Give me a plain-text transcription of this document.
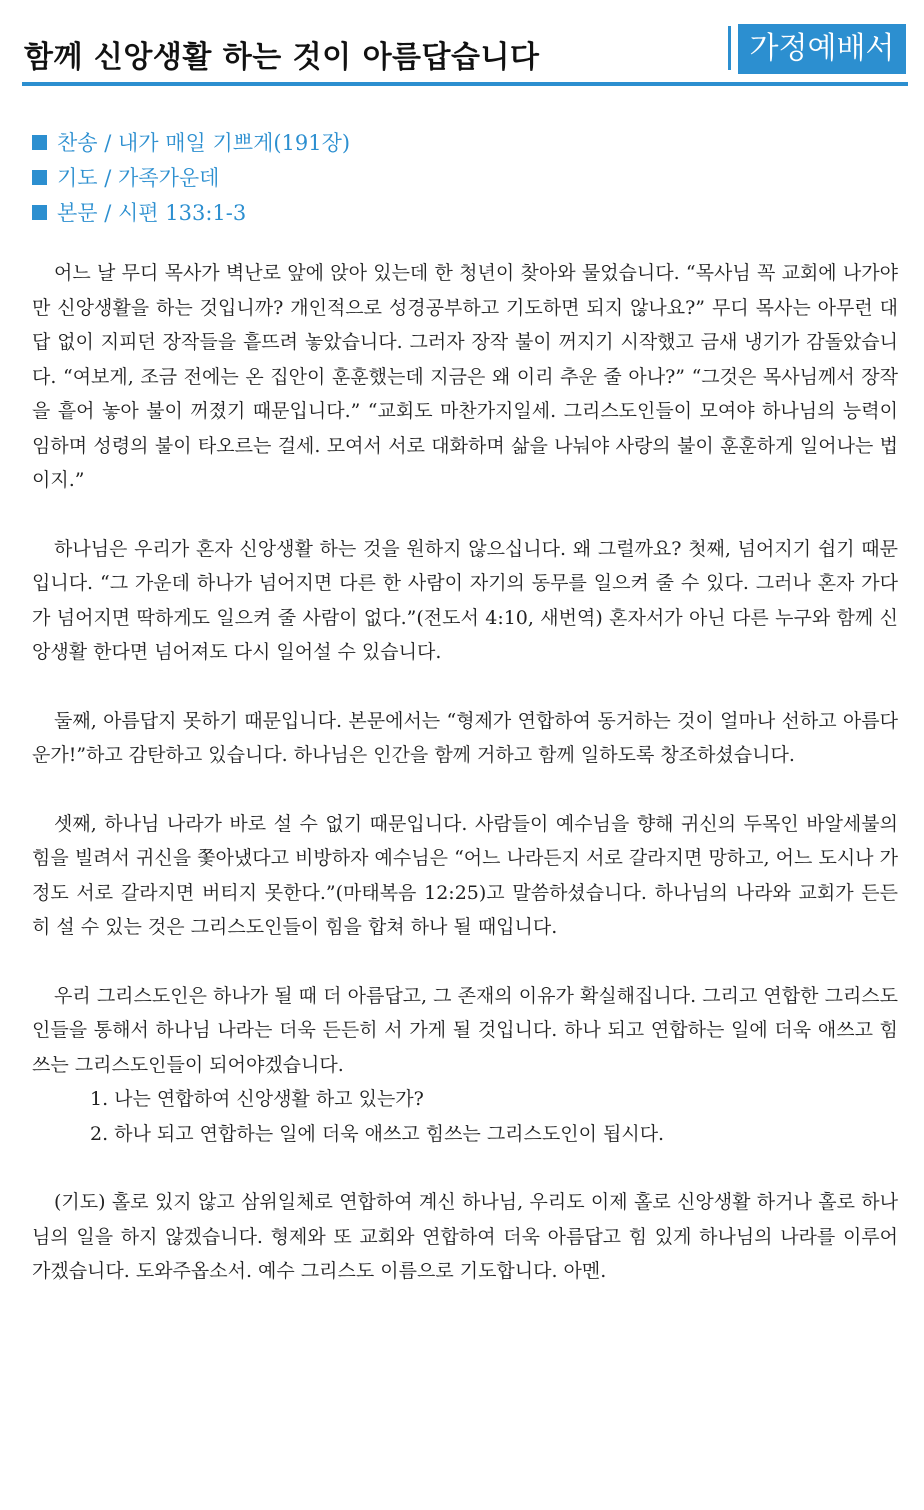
함께 신앙생활 하는 것이 아름답습니다	가정예배서
찬송 / 내가 매일 기쁘게(191장)
기도 / 가족가운데
본문 / 시편 133:1-3

어느 날 무디 목사가 벽난로 앞에 앉아 있는데 한 청년이 찾아와 물었습니다. “목사님 꼭 교회에 나가야만 신앙생활을 하는 것입니까? 개인적으로 성경공부하고 기도하면 되지 않나요?” 무디 목사는 아무런 대답 없이 지피던 장작들을 흩뜨려 놓았습니다. 그러자 장작 불이 꺼지기 시작했고 금새 냉기가 감돌았습니다. “여보게, 조금 전에는 온 집안이 훈훈했는데 지금은 왜 이리 추운 줄 아나?” “그것은 목사님께서 장작을 흩어 놓아 불이 꺼졌기 때문입니다.” “교회도 마찬가지일세. 그리스도인들이 모여야 하나님의 능력이 임하며 성령의 불이 타오르는 걸세. 모여서 서로 대화하며 삶을 나눠야 사랑의 불이 훈훈하게 일어나는 법이지.”

하나님은 우리가 혼자 신앙생활 하는 것을 원하지 않으십니다. 왜 그럴까요? 첫째, 넘어지기 쉽기 때문입니다. “그 가운데 하나가 넘어지면 다른 한 사람이 자기의 동무를 일으켜 줄 수 있다. 그러나 혼자 가다가 넘어지면 딱하게도 일으켜 줄 사람이 없다.”(전도서 4:10, 새번역) 혼자서가 아닌 다른 누구와 함께 신앙생활 한다면 넘어져도 다시 일어설 수 있습니다.

둘째, 아름답지 못하기 때문입니다. 본문에서는 “형제가 연합하여 동거하는 것이 얼마나 선하고 아름다운가!”하고 감탄하고 있습니다. 하나님은 인간을 함께 거하고 함께 일하도록 창조하셨습니다.

셋째, 하나님 나라가 바로 설 수 없기 때문입니다. 사람들이 예수님을 향해 귀신의 두목인 바알세불의 힘을 빌려서 귀신을 쫓아냈다고 비방하자 예수님은 “어느 나라든지 서로 갈라지면 망하고, 어느 도시나 가정도 서로 갈라지면 버티지 못한다.”(마태복음 12:25)고 말씀하셨습니다. 하나님의 나라와 교회가 든든히 설 수 있는 것은 그리스도인들이 힘을 합쳐 하나 될 때입니다.

우리 그리스도인은 하나가 될 때 더 아름답고, 그 존재의 이유가 확실해집니다. 그리고 연합한 그리스도인들을 통해서 하나님 나라는 더욱 든든히 서 가게 될 것입니다. 하나 되고 연합하는 일에 더욱 애쓰고 힘쓰는 그리스도인들이 되어야겠습니다.

1. 나는 연합하여 신앙생활 하고 있는가?
2. 하나 되고 연합하는 일에 더욱 애쓰고 힘쓰는 그리스도인이 됩시다.

(기도) 홀로 있지 않고 삼위일체로 연합하여 계신 하나님, 우리도 이제 홀로 신앙생활 하거나 홀로 하나님의 일을 하지 않겠습니다. 형제와 또 교회와 연합하여 더욱 아름답고 힘 있게 하나님의 나라를 이루어 가겠습니다. 도와주옵소서. 예수 그리스도 이름으로 기도합니다. 아멘.
